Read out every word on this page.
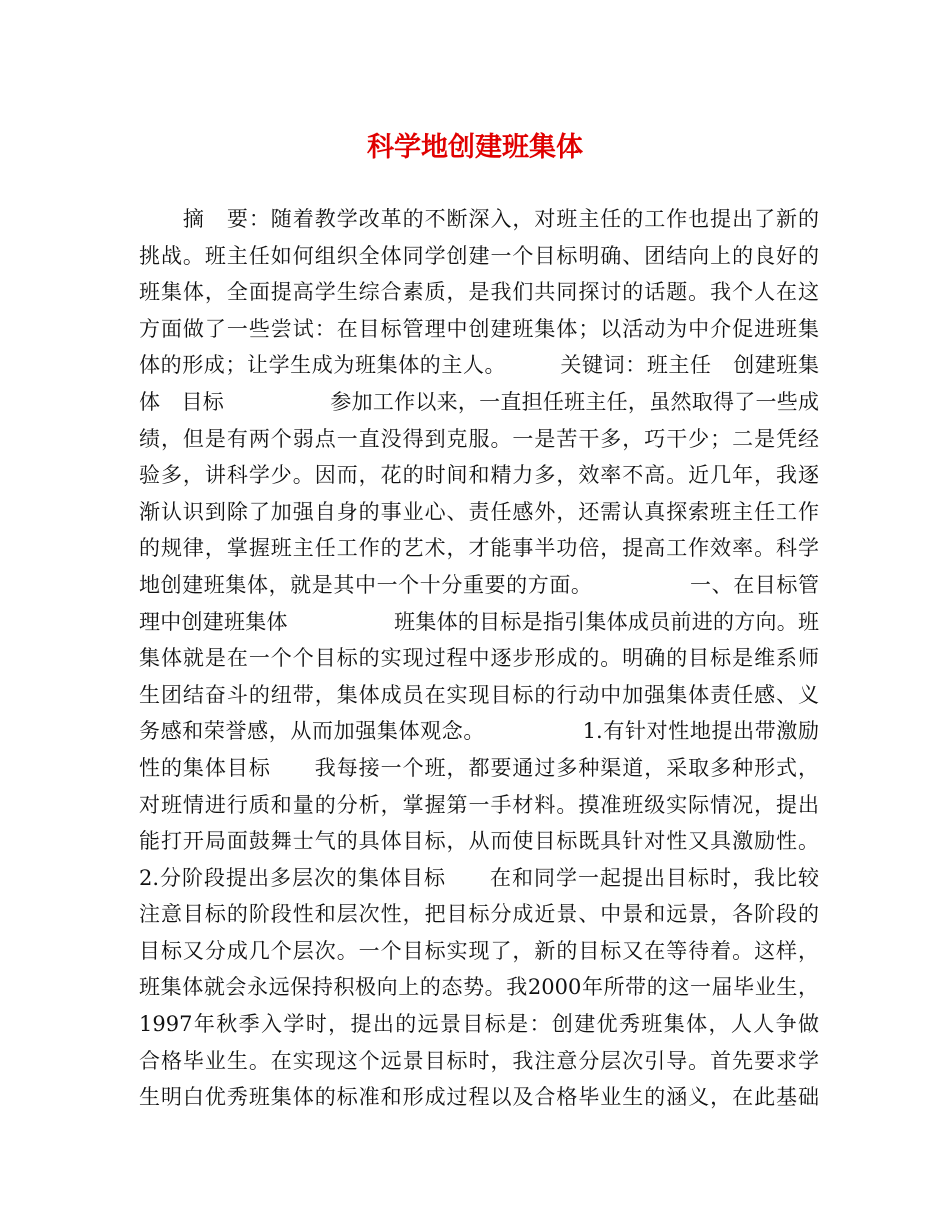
科学地创建班集体
　　摘　要：随着教学改革的不断深入，对班主任的工作也提出了新的
挑战。班主任如何组织全体同学创建一个目标明确、团结向上的良好的
班集体，全面提高学生综合素质，是我们共同探讨的话题。我个人在这
方面做了一些尝试：在目标管理中创建班集体；以活动为中介促进班集
体的形成；让学生成为班集体的主人。　　　关键词：班主任　创建班集
体　目标　　　　　参加工作以来，一直担任班主任，虽然取得了一些成
绩，但是有两个弱点一直没得到克服。一是苦干多，巧干少；二是凭经
验多，讲科学少。因而，花的时间和精力多，效率不高。近几年，我逐
渐认识到除了加强自身的事业心、责任感外，还需认真探索班主任工作
的规律，掌握班主任工作的艺术，才能事半功倍，提高工作效率。科学
地创建班集体，就是其中一个十分重要的方面。　　　　　一、在目标管
理中创建班集体　　　　　班集体的目标是指引集体成员前进的方向。班
集体就是在一个个目标的实现过程中逐步形成的。明确的目标是维系师
生团结奋斗的纽带，集体成员在实现目标的行动中加强集体责任感、义
务感和荣誉感，从而加强集体观念。　　　　　1.有针对性地提出带激励
性的集体目标　　我每接一个班，都要通过多种渠道，采取多种形式，
对班情进行质和量的分析，掌握第一手材料。摸准班级实际情况，提出
能打开局面鼓舞士气的具体目标，从而使目标既具针对性又具激励性。
2.分阶段提出多层次的集体目标　　在和同学一起提出目标时，我比较
注意目标的阶段性和层次性，把目标分成近景、中景和远景，各阶段的
目标又分成几个层次。一个目标实现了，新的目标又在等待着。这样，
班集体就会永远保持积极向上的态势。我2000年所带的这一届毕业生，
1997年秋季入学时，提出的远景目标是：创建优秀班集体，人人争做
合格毕业生。在实现这个远景目标时，我注意分层次引导。首先要求学
生明白优秀班集体的标准和形成过程以及合格毕业生的涵义，在此基础
